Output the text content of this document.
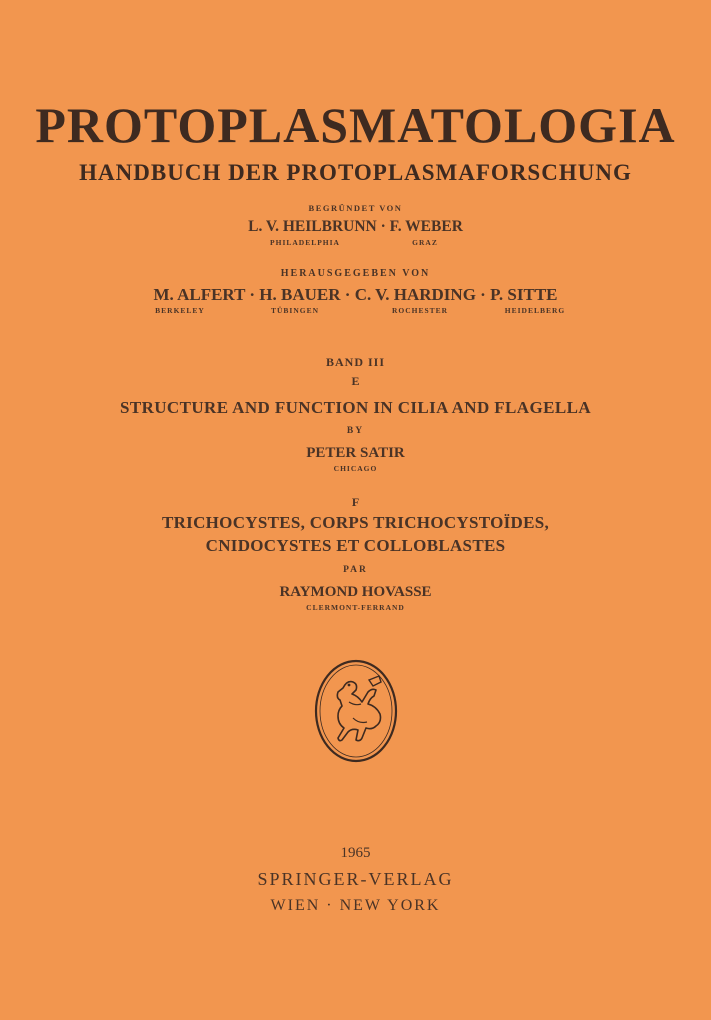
PROTOPLASMATOLOGIA
HANDBUCH DER PROTOPLASMAFORSCHUNG
BEGRÜNDET VON
L. V. HEILBRUNN · F. WEBER
PHILADELPHIA	GRAZ
HERAUSGEGEBEN VON
M. ALFERT · H. BAUER · C. V. HARDING · P. SITTE
BERKELEY	TÜBINGEN	ROCHESTER	HEIDELBERG
BAND III
E
STRUCTURE AND FUNCTION IN CILIA AND FLAGELLA
BY
PETER SATIR
CHICAGO
F
TRICHOCYSTES, CORPS TRICHOCYSTOÏDES,
CNIDOCYSTES ET COLLOBLASTES
PAR
RAYMOND HOVASSE
CLERMONT-FERRAND
1965
SPRINGER-VERLAG
WIEN · NEW YORK
